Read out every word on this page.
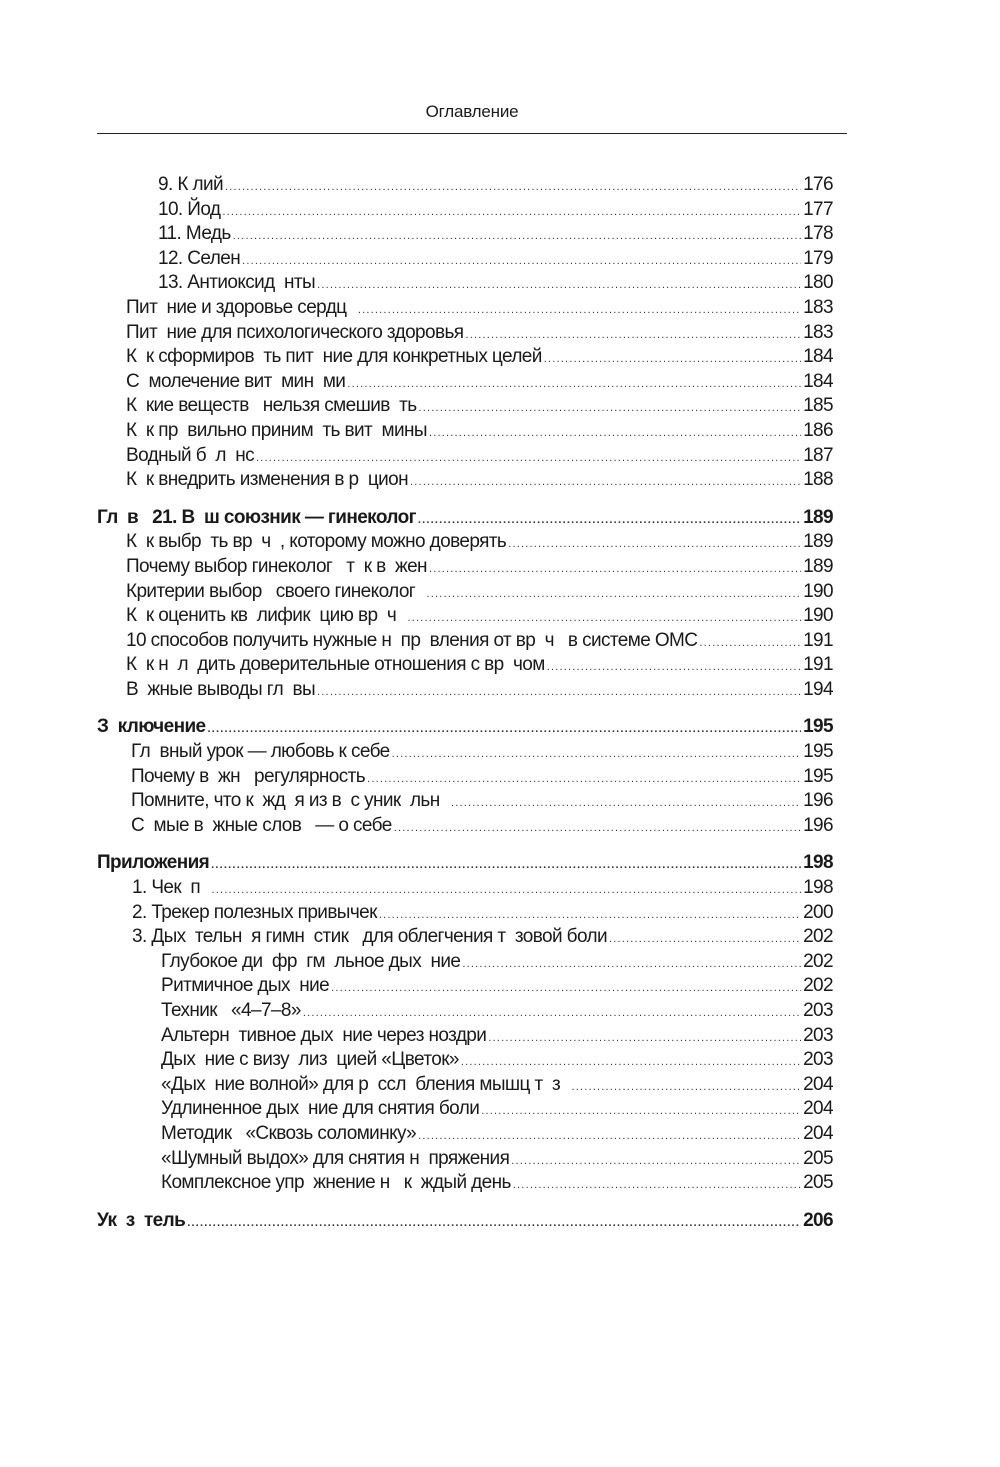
Оглавление
9. К лий .....	176
10. Йод .....	177
11. Медь .....	178
12. Селен .....	179
13. Антиоксид  нты .....	180
Пит  ние и здоровье сердц .....	183
Пит  ние для психологического здоровья .....	183
К  к сформиров  ть пит  ние для конкретных целей .....	184
С  молечение вит  мин  ми .....	184
К  кие веществ   нельзя смешив  ть .....	185
К  к пр  вильно приним  ть вит  мины .....	186
Водный б  л  нс .....	187
К  к внедрить изменения в р  цион .....	188
Гл  в   21. В  ш союзник — гинеколог .....	189
К  к выбр  ть вр  ч  , которому можно доверять .....	189
Почему выбор гинеколог   т  к в  жен .....	189
Критерии выбор   своего гинеколог .....	190
К  к оценить кв  лифик  цию вр  ч .....	190
10 способов получить нужные н  пр  вления от вр  ч   в системе ОМС .....	191
К  к н  л  дить доверительные отношения с вр  чом .....	191
В  жные выводы гл  вы .....	194
З  ключение .....	195
Гл  вный урок — любовь к себе .....	195
Почему в  жн   регулярность .....	195
Помните, что к  жд  я из в  с уник  льн .....	196
С  мые в  жные слов   — о себе .....	196
Приложения .....	198
1. Чек  п .....	198
2. Трекер полезных привычек .....	200
3. Дых  тельн  я гимн  стик   для облегчения т  зовой боли .....	202
Глубокое ди  фр  гм  льное дых  ние .....	202
Ритмичное дых  ние .....	202
Техник   «4–7–8» .....	203
Альтерн  тивное дых  ние через ноздри .....	203
Дых  ние с визу  лиз  цией «Цветок» .....	203
«Дых  ние волной» для р  ссл  бления мышц т  з .....	204
Удлиненное дых  ние для снятия боли .....	204
Методик   «Сквозь соломинку» .....	204
«Шумный выдох» для снятия н  пряжения .....	205
Комплексное упр  жнение н   к  ждый день .....	205
Ук  з  тель .....	206
